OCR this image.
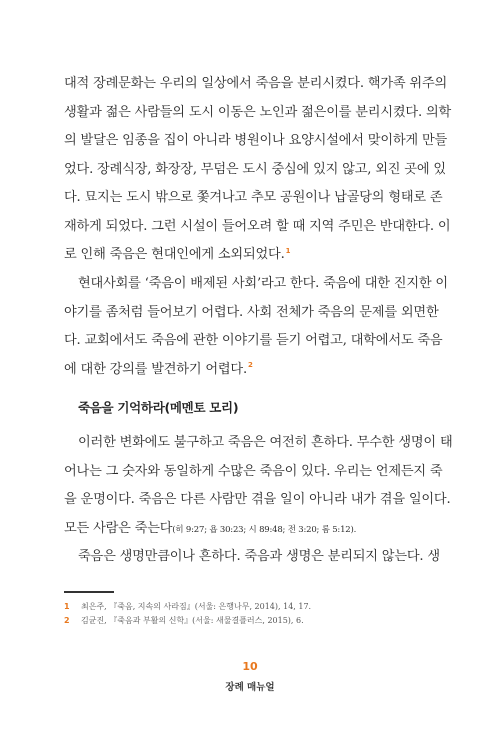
대적 장례문화는 우리의 일상에서 죽음을 분리시켰다. 핵가족 위주의
생활과 젊은 사람들의 도시 이동은 노인과 젊은이를 분리시켰다. 의학
의 발달은 임종을 집이 아니라 병원이나 요양시설에서 맞이하게 만들
었다. 장례식장, 화장장, 무덤은 도시 중심에 있지 않고, 외진 곳에 있
다. 묘지는 도시 밖으로 쫓겨나고 추모 공원이나 납골당의 형태로 존
재하게 되었다. 그런 시설이 들어오려 할 때 지역 주민은 반대한다. 이
로 인해 죽음은 현대인에게 소외되었다.$^1$

현대사회를 ‘죽음이 배제된 사회’라고 한다. 죽음에 대한 진지한 이
야기를 좀처럼 들어보기 어렵다. 사회 전체가 죽음의 문제를 외면한
다. 교회에서도 죽음에 관한 이야기를 듣기 어렵고, 대학에서도 죽음
에 대한 강의를 발견하기 어렵다.$^2$

죽음을 기억하라(메멘토 모리)

이러한 변화에도 불구하고 죽음은 여전히 흔하다. 무수한 생명이 태
어나는 그 숫자와 동일하게 수많은 죽음이 있다. 우리는 언제든지 죽
을 운명이다. 죽음은 다른 사람만 겪을 일이 아니라 내가 겪을 일이다.
모든 사람은 죽는다(히 9:27; 욥 30:23; 시 89:48; 전 3:20; 롬 5:12).

죽음은 생명만큼이나 흔하다. 죽음과 생명은 분리되지 않는다. 생

1	최은주, 『죽음, 지속의 사라짐』(서울: 은행나무, 2014), 14, 17.
2	김균진, 『죽음과 부활의 신학』(서울: 새물결플러스, 2015), 6.
10
장례 매뉴얼
